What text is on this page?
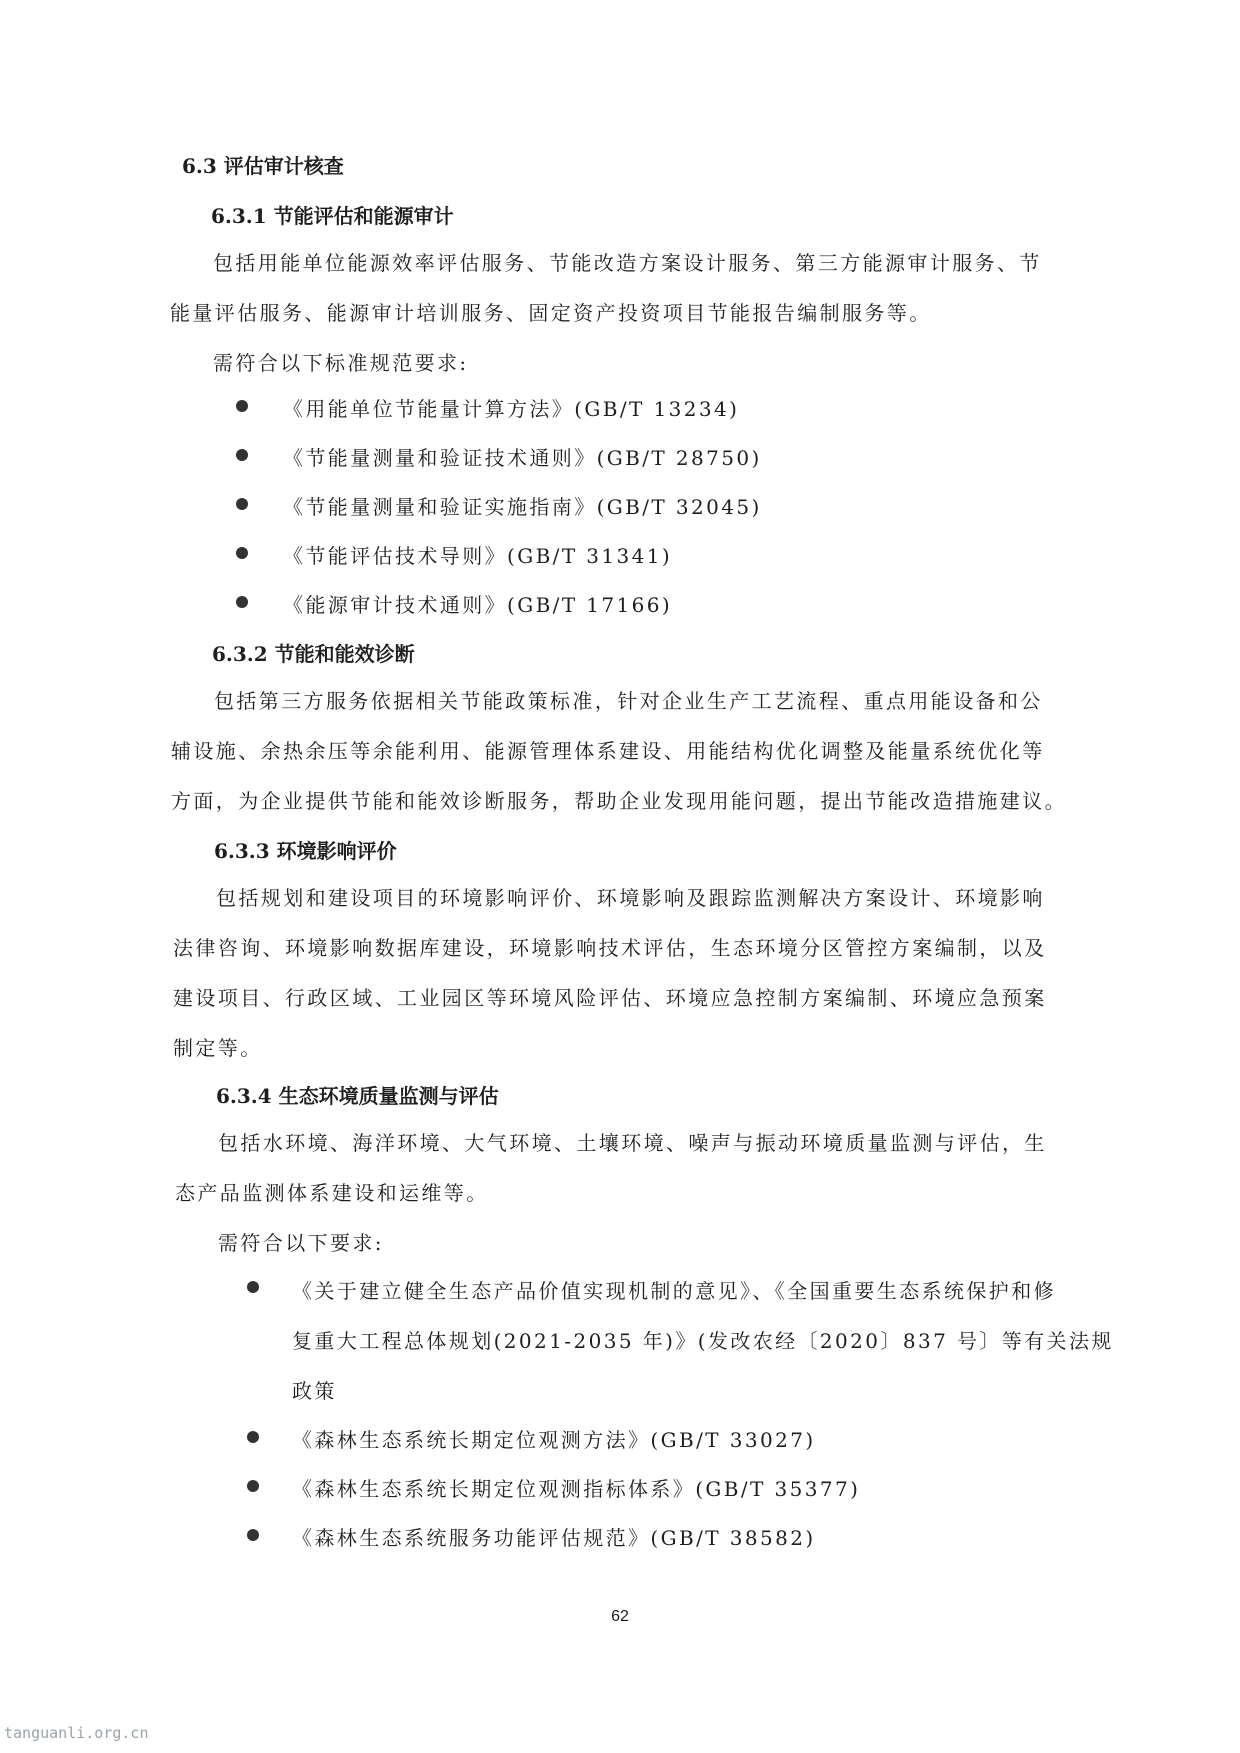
6.3 评估审计核查
6.3.1 节能评估和能源审计
包括用能单位能源效率评估服务、节能改造方案设计服务、第三方能源审计服务、节
能量评估服务、能源审计培训服务、固定资产投资项目节能报告编制服务等。
需符合以下标准规范要求:
《用能单位节能量计算方法》(GB/T 13234)
《节能量测量和验证技术通则》(GB/T 28750)
《节能量测量和验证实施指南》(GB/T 32045)
《节能评估技术导则》(GB/T 31341)
《能源审计技术通则》(GB/T 17166)
6.3.2 节能和能效诊断
包括第三方服务依据相关节能政策标准，针对企业生产工艺流程、重点用能设备和公
辅设施、余热余压等余能利用、能源管理体系建设、用能结构优化调整及能量系统优化等
方面，为企业提供节能和能效诊断服务，帮助企业发现用能问题，提出节能改造措施建议。
6.3.3 环境影响评价
包括规划和建设项目的环境影响评价、环境影响及跟踪监测解决方案设计、环境影响
法律咨询、环境影响数据库建设，环境影响技术评估，生态环境分区管控方案编制，以及
建设项目、行政区域、工业园区等环境风险评估、环境应急控制方案编制、环境应急预案
制定等。
6.3.4 生态环境质量监测与评估
包括水环境、海洋环境、大气环境、土壤环境、噪声与振动环境质量监测与评估，生
态产品监测体系建设和运维等。
需符合以下要求:
《关于建立健全生态产品价值实现机制的意见》、《全国重要生态系统保护和修
复重大工程总体规划(2021-2035 年)》(发改农经〔2020〕837 号〕等有关法规
政策
《森林生态系统长期定位观测方法》(GB/T 33027)
《森林生态系统长期定位观测指标体系》(GB/T 35377)
《森林生态系统服务功能评估规范》(GB/T 38582)
62
tanguanli.org.cn
